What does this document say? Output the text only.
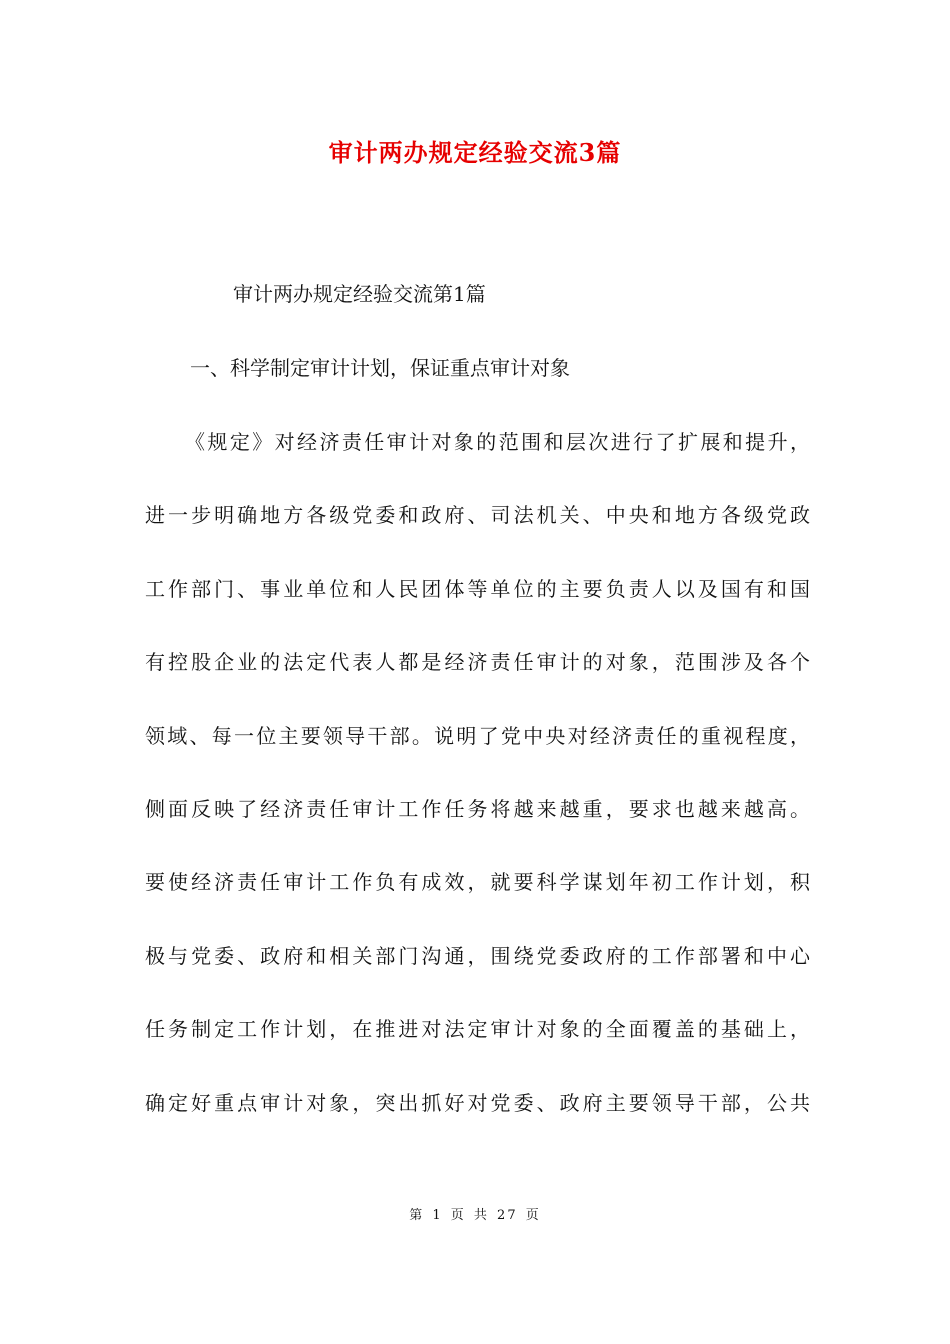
审计两办规定经验交流3篇
审计两办规定经验交流第1篇
一、科学制定审计计划，保证重点审计对象
《规定》对经济责任审计对象的范围和层次进行了扩展和提升，
进一步明确地方各级党委和政府、司法机关、中央和地方各级党政
工作部门、事业单位和人民团体等单位的主要负责人以及国有和国
有控股企业的法定代表人都是经济责任审计的对象，范围涉及各个
领域、每一位主要领导干部。说明了党中央对经济责任的重视程度，
侧面反映了经济责任审计工作任务将越来越重，要求也越来越高。
要使经济责任审计工作负有成效，就要科学谋划年初工作计划，积
极与党委、政府和相关部门沟通，围绕党委政府的工作部署和中心
任务制定工作计划，在推进对法定审计对象的全面覆盖的基础上，
确定好重点审计对象，突出抓好对党委、政府主要领导干部，公共
第 1 页 共 27 页
